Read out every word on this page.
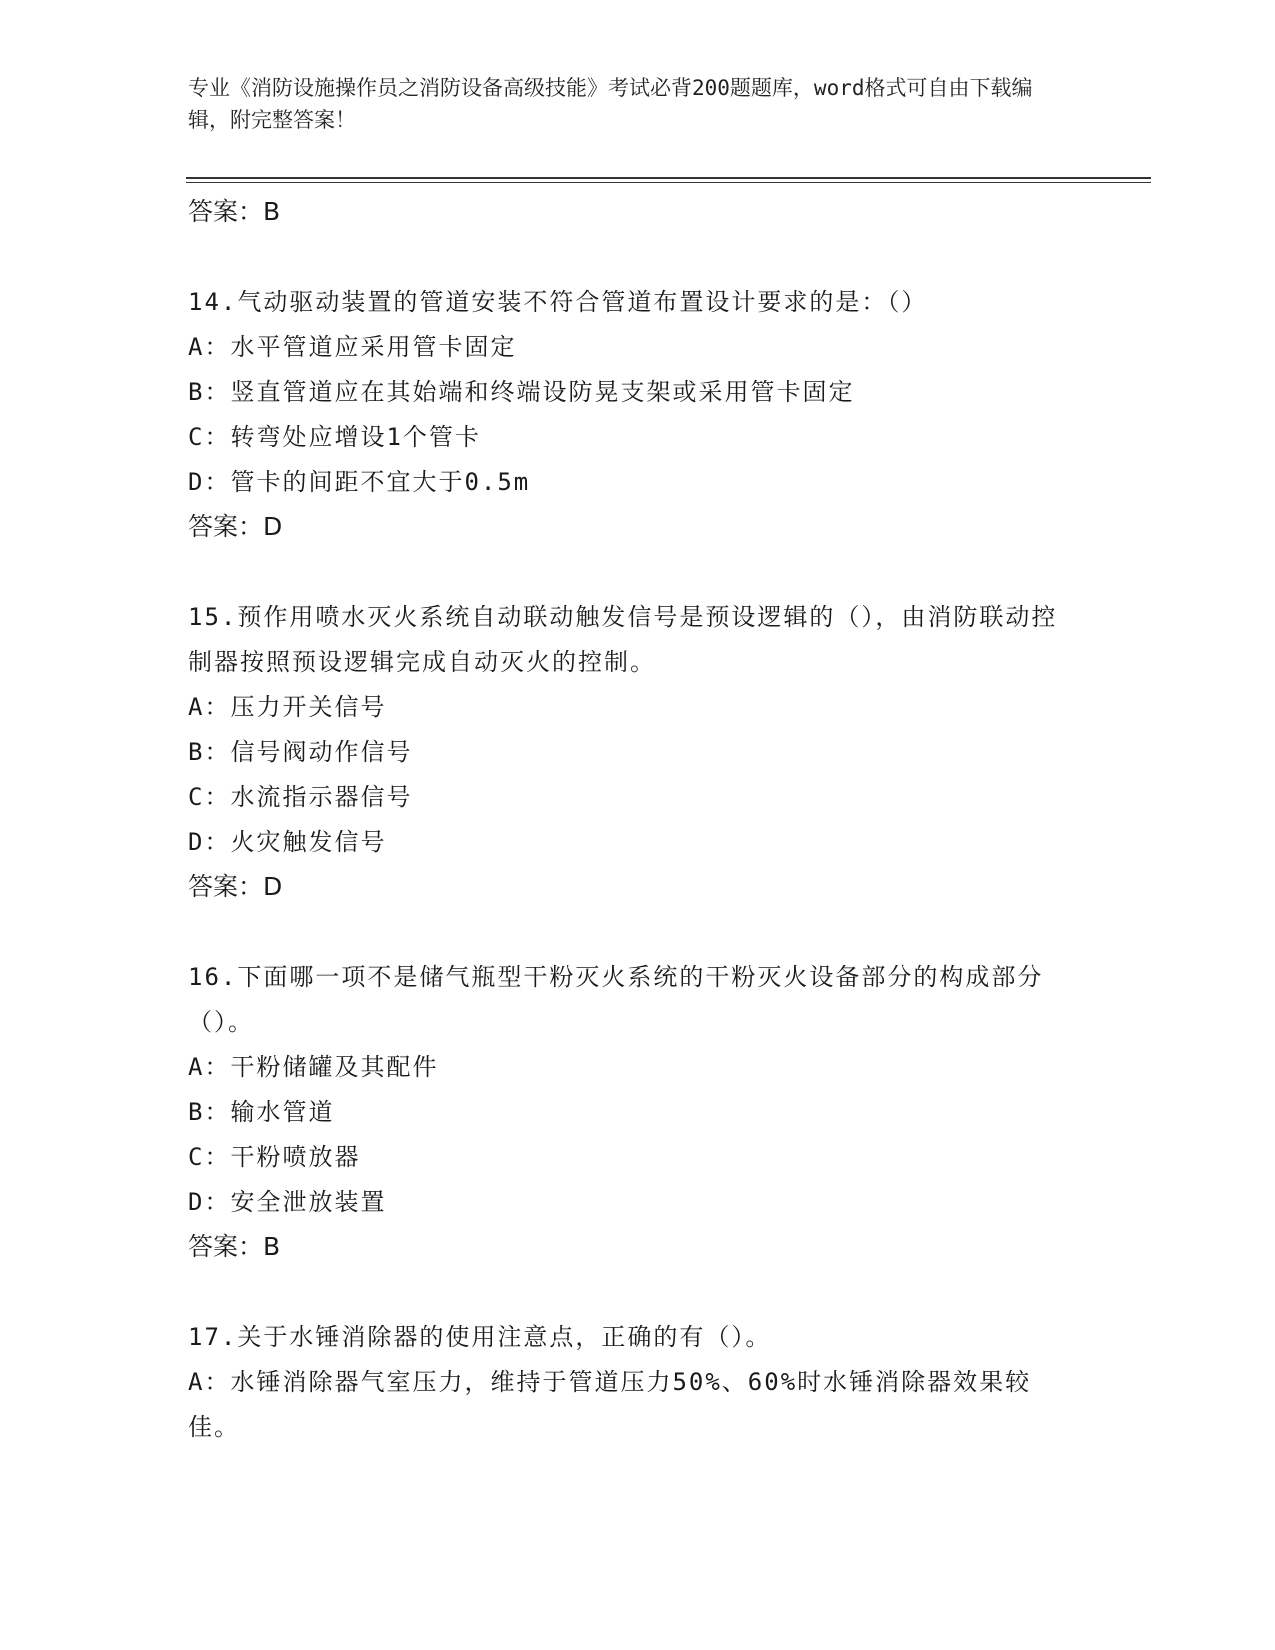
专业《消防设施操作员之消防设备高级技能》考试必背200题题库，word格式可自由下载编辑，附完整答案！
答案：B
14.气动驱动装置的管道安装不符合管道布置设计要求的是：（）
A：水平管道应采用管卡固定
B：竖直管道应在其始端和终端设防晃支架或采用管卡固定
C：转弯处应增设1个管卡
D：管卡的间距不宜大于0.5m
答案：D
15.预作用喷水灭火系统自动联动触发信号是预设逻辑的（），由消防联动控制器按照预设逻辑完成自动灭火的控制。
A：压力开关信号
B：信号阀动作信号
C：水流指示器信号
D：火灾触发信号
答案：D
16.下面哪一项不是储气瓶型干粉灭火系统的干粉灭火设备部分的构成部分（）。
A：干粉储罐及其配件
B：输水管道
C：干粉喷放器
D：安全泄放装置
答案：B
17.关于水锤消除器的使用注意点，正确的有（）。
A：水锤消除器气室压力，维持于管道压力50%、60%时水锤消除器效果较佳。
